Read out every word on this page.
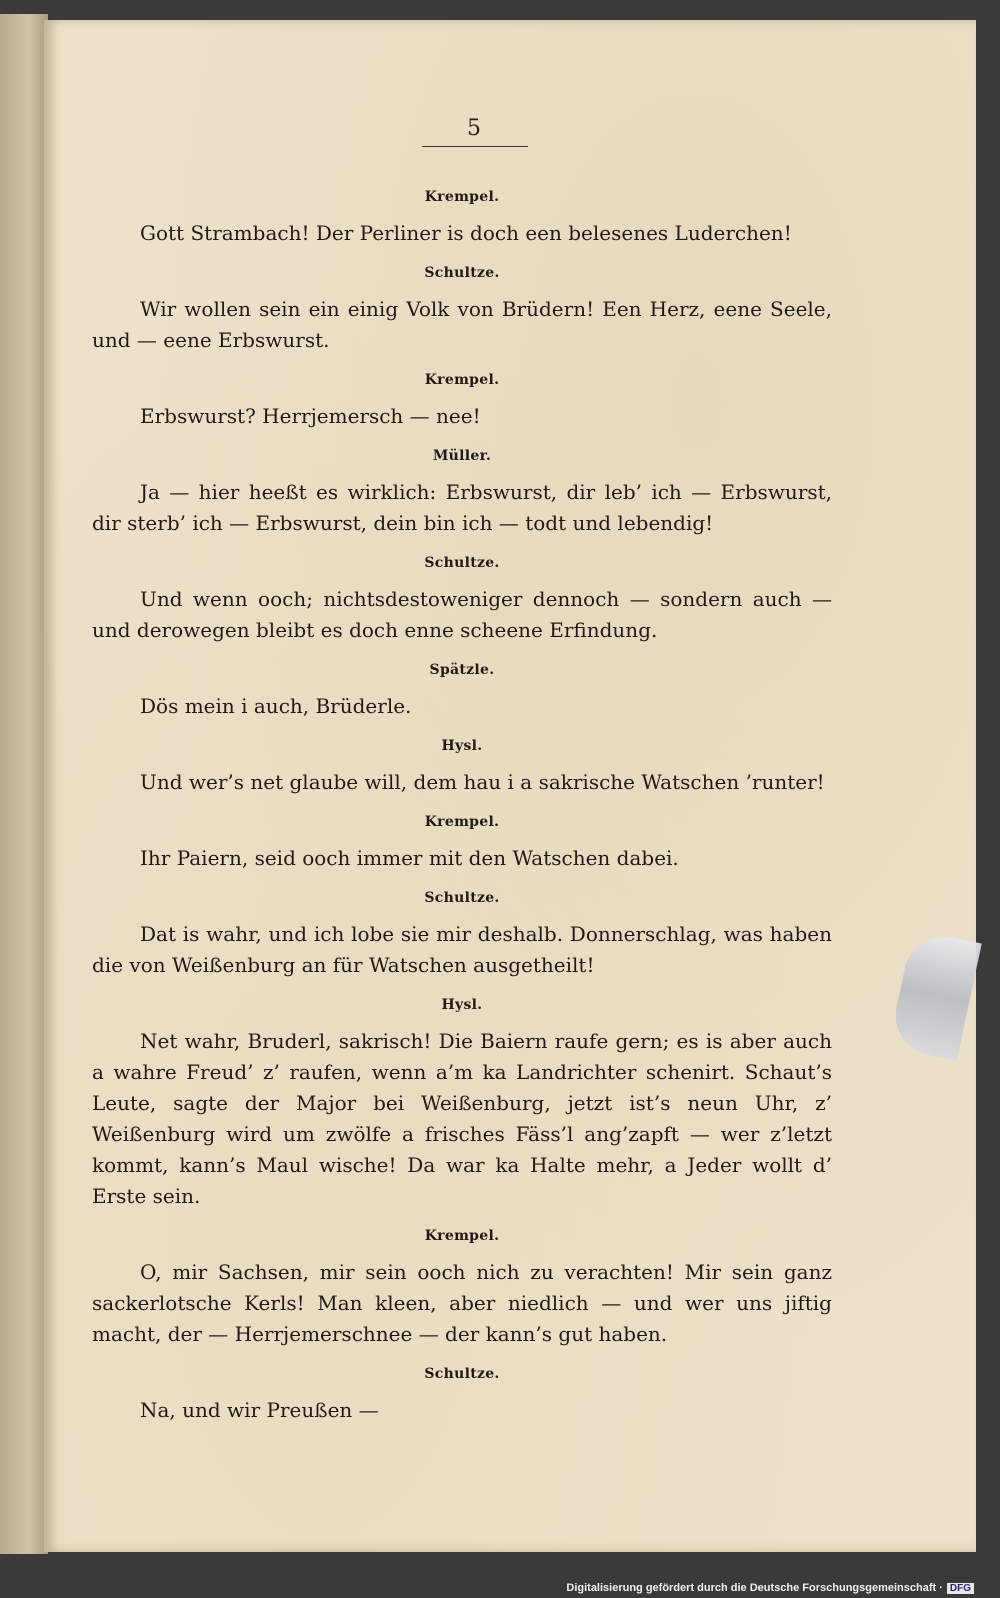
5
Krempel.
Gott Strambach! Der Perliner is doch een belesenes Luderchen!
Schultze.
Wir wollen sein ein einig Volk von Brüdern! Een Herz, eene Seele, und — eene Erbswurst.
Krempel.
Erbswurst? Herrjemersch — nee!
Müller.
Ja — hier heeßt es wirklich: Erbswurst, dir leb’ ich — Erbswurst, dir sterb’ ich — Erbswurst, dein bin ich — todt und lebendig!
Schultze.
Und wenn ooch; nichtsdestoweniger dennoch — sondern auch — und derowegen bleibt es doch enne scheene Erfindung.
Spätzle.
Dös mein i auch, Brüderle.
Hysl.
Und wer’s net glaube will, dem hau i a sakrische Watschen ’runter!
Krempel.
Ihr Paiern, seid ooch immer mit den Watschen dabei.
Schultze.
Dat is wahr, und ich lobe sie mir deshalb. Donnerschlag, was haben die von Weißenburg an für Watschen ausgetheilt!
Hysl.
Net wahr, Bruderl, sakrisch! Die Baiern raufe gern; es is aber auch a wahre Freud’ z’ raufen, wenn a’m ka Landrichter schenirt. Schaut’s Leute, sagte der Major bei Weißenburg, jetzt ist’s neun Uhr, z’ Weißenburg wird um zwölfe a frisches Fäss’l ang’zapft — wer z’letzt kommt, kann’s Maul wische! Da war ka Halte mehr, a Jeder wollt d’ Erste sein.
Krempel.
O, mir Sachsen, mir sein ooch nich zu verachten! Mir sein ganz sackerlotsche Kerls! Man kleen, aber niedlich — und wer uns jiftig macht, der — Herrjemerschnee — der kann’s gut haben.
Schultze.
Na, und wir Preußen —
Digitalisierung gefördert durch die Deutsche Forschungsgemeinschaft · DFG
